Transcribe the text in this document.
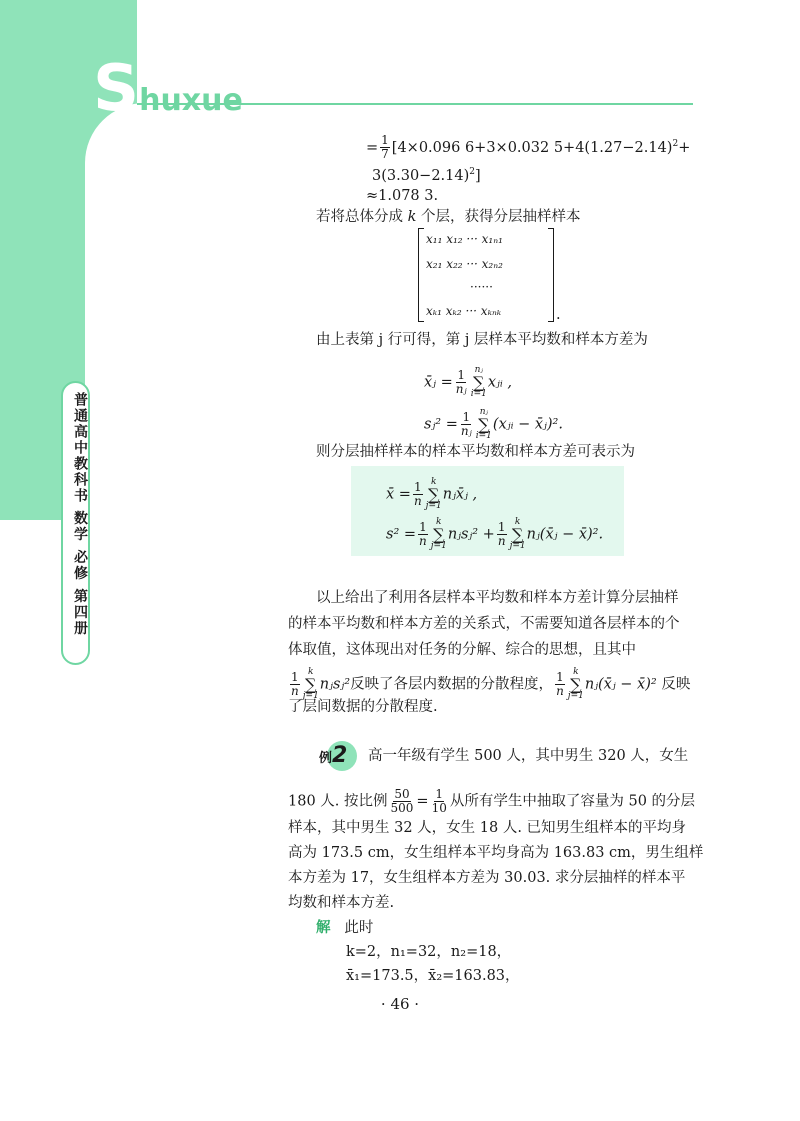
Shuxue
普通高中教科书 数学 必修 第四册
= $\frac{1}{7} [4\times 0.096$ 6+3×0.032 $5+4(1.27-2.14)^2+$
$3(3.30-2.14)^2$]
≈1.078 3.
若将总体分成 k 个层，获得分层抽样样本
x₁₁ x₁₂ ··· x₁ₙ₁
x₂₁ x₂₂ ··· x₂ₙ₂
······
xₖ₁ xₖ₂ ··· xₖₙₖ	.
由上表第 j 行可得，第 j 层样本平均数和样本方差为
x̄ⱼ = $\frac{1}{\text{nⱼ}}$ nⱼ
∑
i=1
xⱼᵢ ,
sⱼ² = $\frac{1}{\text{nⱼ}}$ nⱼ
∑
i=1
(xⱼᵢ − x̄ⱼ)².
则分层抽样样本的样本平均数和样本方差可表示为
x̄ = $\frac{1}{n}$ k
∑
j=1
nⱼx̄ⱼ ,
$s^2 = \frac{1}{n}$ k
∑
j=1
nⱼsⱼ² + $\frac{1}{n}$ k
∑
j=1
nⱼ(x̄ⱼ − x̄)².
以上给出了利用各层样本平均数和样本方差计算分层抽样
的样本平均数和样本方差的关系式，不需要知道各层样本的个
体取值，这体现出对任务的分解、综合的思想，且其中
$\frac{1}{n}$ k
∑
j=1
nⱼsⱼ²反映了各层内数据的分散程度， $\frac{1}{n}$ k
∑
j=1
nⱼ(x̄ⱼ − x̄)² 反映
了层间数据的分散程度.
例2 高一年级有学生 500 人，其中男生 320 人，女生
180 人. 按比例 $\frac{50}{500} = \frac{1}{10}$ 从所有学生中抽取了容量为 50 的分层
样本，其中男生 32 人，女生 18 人. 已知男生组样本的平均身
高为 173.5 cm，女生组样本平均身高为 163.83 cm，男生组样
本方差为 17，女生组样本方差为 30.03. 求分层抽样的样本平
均数和样本方差.
解 此时
k=2，n₁=32，n₂=18，
x̄₁=173.5，x̄₂=163.83，
· 46 ·
